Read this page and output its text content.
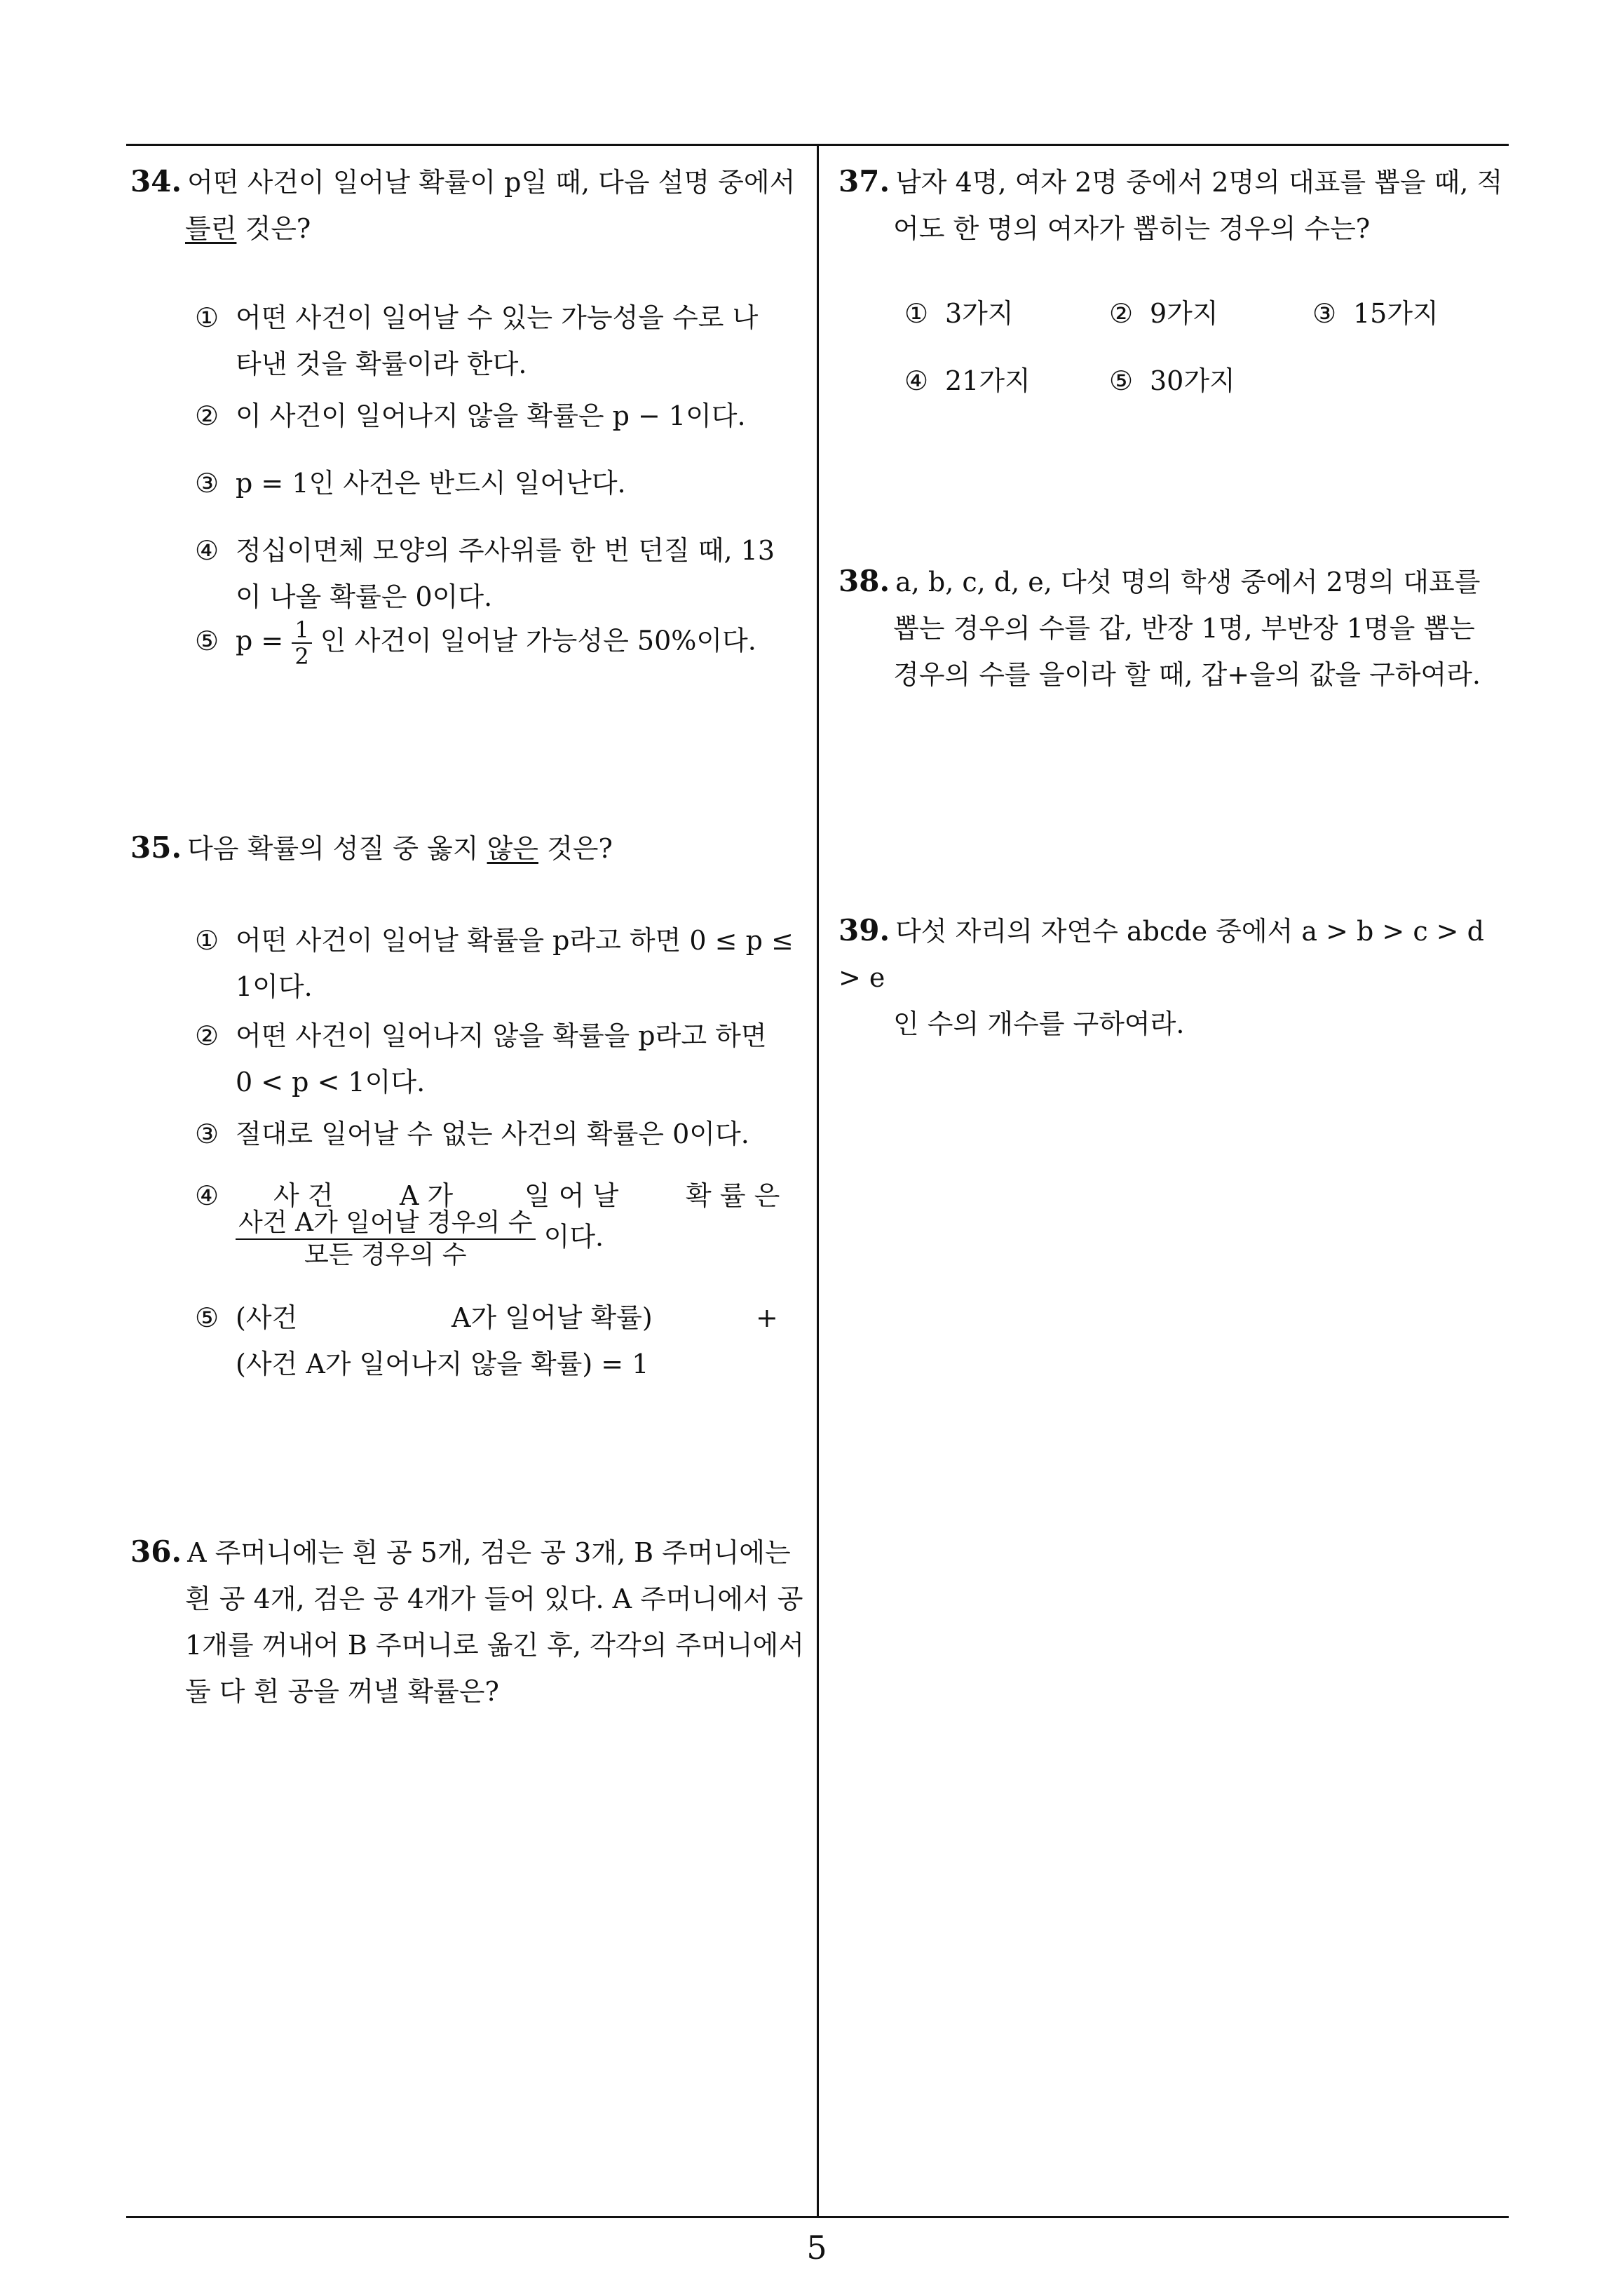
5
34. 어떤 사건이 일어날 확률이 p일 때, 다음 설명 중에서
틀린 것은?
① 어떤 사건이 일어날 수 있는 가능성을 수로 나
타낸 것을 확률이라 한다.
② 이 사건이 일어나지 않을 확률은 p − 1이다.
③ p = 1인 사건은 반드시 일어난다.
④ 정십이면체 모양의 주사위를 한 번 던질 때, 13
이 나올 확률은 0이다.
⑤ $p = \frac{1}{2}$ 인 사건이 일어날 가능성은 50%이다.
35. 다음 확률의 성질 중 옳지 않은 것은?
① 어떤 사건이 일어날 확률을 p라고 하면 0 ≤ p ≤
1이다.
② 어떤 사건이 일어나지 않을 확률을 p라고 하면
0 < p < 1이다.
③ 절대로 일어날 수 없는 사건의 확률은 0이다.
④ 사 건 A 가	일 어 날	확 률 은
$\frac{\text{사건 A가 일어날 경우의 수}}{\text{모든 경우의 수}}$ 이다.
⑤ (사건	A가 일어날 확률)	+
(사건 A가 일어나지 않을 확률) = 1
36. A 주머니에는 흰 공 5개, 검은 공 3개, B 주머니에는
흰 공 4개, 검은 공 4개가 들어 있다. A 주머니에서 공
1개를 꺼내어 B 주머니로 옮긴 후, 각각의 주머니에서
둘 다 흰 공을 꺼낼 확률은?
37. 남자 4명, 여자 2명 중에서 2명의 대표를 뽑을 때, 적
어도 한 명의 여자가 뽑히는 경우의 수는?
① 3가지	② 9가지	③ 15가지
④ 21가지	⑤ 30가지
38. a, b, c, d, e, 다섯 명의 학생 중에서 2명의 대표를
뽑는 경우의 수를 갑, 반장 1명, 부반장 1명을 뽑는
경우의 수를 을이라 할 때, 갑+을의 값을 구하여라.
39. 다섯 자리의 자연수 abcde 중에서 a > b > c > d > e
인 수의 개수를 구하여라.
